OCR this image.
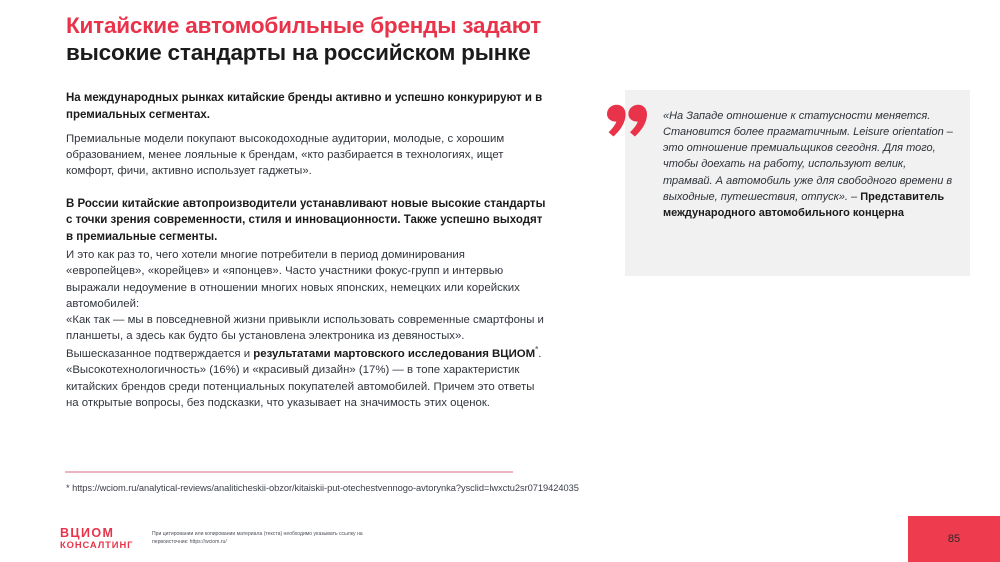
Китайские автомобильные бренды задают
высокие стандарты на российском рынке

На международных рынках китайские бренды активно и успешно конкурируют и в премиальных сегментах.

Премиальные модели покупают высокодоходные аудитории, молодые, с хорошим образованием, менее лояльные к брендам, «кто разбирается в технологиях, ищет комфорт, фичи, активно использует гаджеты».

В России китайские автопроизводители устанавливают новые высокие стандарты с точки зрения современности, стиля и инновационности. Также успешно выходят в премиальные сегменты.

И это как раз то, чего хотели многие потребители в период доминирования «европейцев», «корейцев» и «японцев». Часто участники фокус-групп и интервью выражали недоумение в отношении многих новых японских, немецких или корейских автомобилей:

«Как так — мы в повседневной жизни привыкли использовать современные смартфоны и планшеты, а здесь как будто бы установлена электроника из девяностых».

Вышесказанное подтверждается и результатами мартовского исследования ВЦИОМ*. «Высокотехнологичность» (16%) и «красивый дизайн» (17%) — в топе характеристик китайских брендов среди потенциальных покупателей автомобилей. Причем это ответы на открытые вопросы, без подсказки, что указывает на значимость этих оценок.

«На Западе отношение к статусности меняется. Становится более прагматичным. Leisure orientation – это отношение премиальщиков сегодня. Для того, чтобы доехать на работу, используют велик, трамвай. А автомобиль уже для свободного времени в выходные, путешествия, отпуск». – Представитель международного автомобильного концерна
* https://wciom.ru/analytical-reviews/analiticheskii-obzor/kitaiskii-put-otechestvennogo-avtorynka?ysclid=lwxctu2sr0719424035
ВЦИОМ
КОНСАЛТИНГ
При цитировании или копировании материала (текста) необходимо указывать ссылку на первоисточник: https://wciom.ru/	85
